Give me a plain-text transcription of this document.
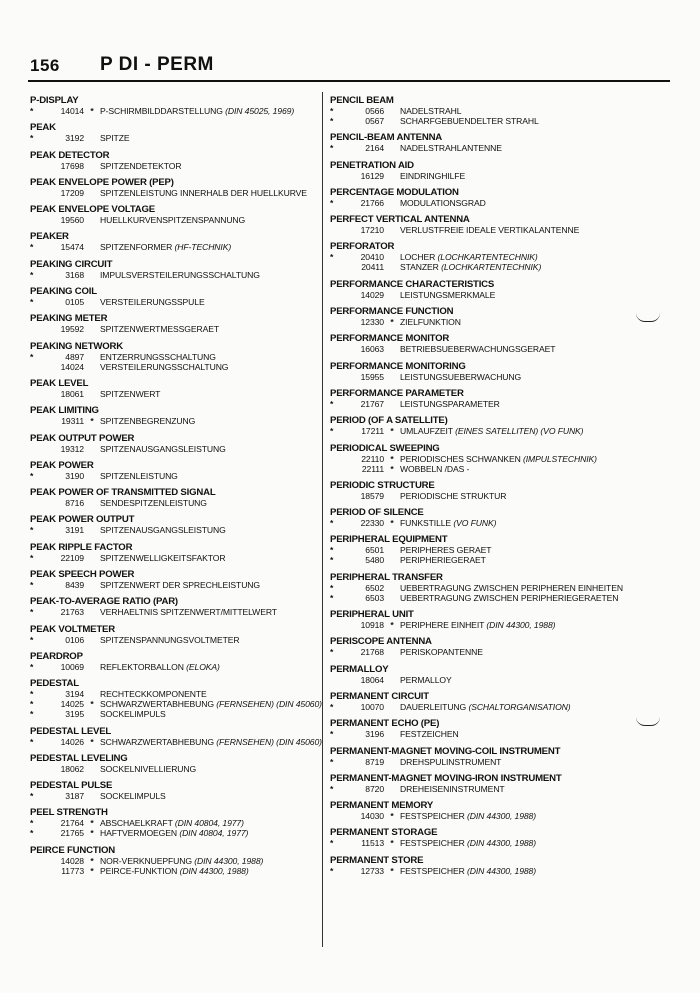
156 P DI - PERM
P-DISPLAY
*	14014 * P-SCHIRMBILDDARSTELLUNG (DIN 45025, 1969)
PEAK
*	3192 SPITZE
PEAK DETECTOR
17698 SPITZENDETEKTOR
PEAK ENVELOPE POWER (PEP)
17209 SPITZENLEISTUNG INNERHALB DER HUELLKURVE
PEAK ENVELOPE VOLTAGE
19560 HUELLKURVENSPITZENSPANNUNG
PEAKER
*	15474 SPITZENFORMER (HF-TECHNIK)
PEAKING CIRCUIT
*	3168 IMPULSVERSTEILERUNGSSCHALTUNG
PEAKING COIL
*	0105 VERSTEILERUNGSSPULE
PEAKING METER
19592 SPITZENWERTMESSGERAET
PEAKING NETWORK
*	4897 ENTZERRUNGSSCHALTUNG
14024 VERSTEILERUNGSSCHALTUNG
PEAK LEVEL
18061 SPITZENWERT
PEAK LIMITING
19311 * SPITZENBEGRENZUNG
PEAK OUTPUT POWER
19312 SPITZENAUSGANGSLEISTUNG
PEAK POWER
*	3190 SPITZENLEISTUNG
PEAK POWER OF TRANSMITTED SIGNAL
8716 SENDESPITZENLEISTUNG
PEAK POWER OUTPUT
*	3191 SPITZENAUSGANGSLEISTUNG
PEAK RIPPLE FACTOR
*	22109 SPITZENWELLIGKEITSFAKTOR
PEAK SPEECH POWER
*	8439 SPITZENWERT DER SPRECHLEISTUNG
PEAK-TO-AVERAGE RATIO (PAR)
*	21763 VERHAELTNIS SPITZENWERT/MITTELWERT
PEAK VOLTMETER
*	0106 SPITZENSPANNUNGSVOLTMETER
PEARDROP
*	10069 REFLEKTORBALLON (ELOKA)
PEDESTAL
*	3194 RECHTECKKOMPONENTE
*	14025 * SCHWARZWERTABHEBUNG (FERNSEHEN) (DIN 45060)
*	3195 SOCKELIMPULS
PEDESTAL LEVEL
*	14026 * SCHWARZWERTABHEBUNG (FERNSEHEN) (DIN 45060)
PEDESTAL LEVELING
18062 SOCKELNIVELLIERUNG
PEDESTAL PULSE
*	3187 SOCKELIMPULS
PEEL STRENGTH
*	21764 * ABSCHAELKRAFT (DIN 40804, 1977)
*	21765 * HAFTVERMOEGEN (DIN 40804, 1977)
PEIRCE FUNCTION
14028 * NOR-VERKNUEPFUNG (DIN 44300, 1988)
11773 * PEIRCE-FUNKTION (DIN 44300, 1988)
PENCIL BEAM
*	0566 NADELSTRAHL
*	0567 SCHARFGEBUENDELTER STRAHL
PENCIL-BEAM ANTENNA
*	2164 NADELSTRAHLANTENNE
PENETRATION AID
16129 EINDRINGHILFE
PERCENTAGE MODULATION
*	21766 MODULATIONSGRAD
PERFECT VERTICAL ANTENNA
17210 VERLUSTFREIE IDEALE VERTIKALANTENNE
PERFORATOR
*	20410 LOCHER (LOCHKARTENTECHNIK)
20411 STANZER (LOCHKARTENTECHNIK)
PERFORMANCE CHARACTERISTICS
14029 LEISTUNGSMERKMALE
PERFORMANCE FUNCTION
12330 * ZIELFUNKTION
PERFORMANCE MONITOR
16063 BETRIEBSUEBERWACHUNGSGERAET
PERFORMANCE MONITORING
15955 LEISTUNGSUEBERWACHUNG
PERFORMANCE PARAMETER
*	21767 LEISTUNGSPARAMETER
PERIOD (OF A SATELLITE)
*	17211 * UMLAUFZEIT (EINES SATELLITEN) (VO FUNK)
PERIODICAL SWEEPING
22110 * PERIODISCHES SCHWANKEN (IMPULSTECHNIK)
22111 * WOBBELN /DAS -
PERIODIC STRUCTURE
18579 PERIODISCHE STRUKTUR
PERIOD OF SILENCE
*	22330 * FUNKSTILLE (VO FUNK)
PERIPHERAL EQUIPMENT
*	6501 PERIPHERES GERAET
*	5480 PERIPHERIEGERAET
PERIPHERAL TRANSFER
*	6502 UEBERTRAGUNG ZWISCHEN PERIPHEREN EINHEITEN
*	6503 UEBERTRAGUNG ZWISCHEN PERIPHERIEGERAETEN
PERIPHERAL UNIT
10918 * PERIPHERE EINHEIT (DIN 44300, 1988)
PERISCOPE ANTENNA
*	21768 PERISKOPANTENNE
PERMALLOY
18064 PERMALLOY
PERMANENT CIRCUIT
*	10070 DAUERLEITUNG (SCHALTORGANISATION)
PERMANENT ECHO (PE)
*	3196 FESTZEICHEN
PERMANENT-MAGNET MOVING-COIL INSTRUMENT
*	8719 DREHSPULINSTRUMENT
PERMANENT-MAGNET MOVING-IRON INSTRUMENT
*	8720 DREHEISENINSTRUMENT
PERMANENT MEMORY
14030 * FESTSPEICHER (DIN 44300, 1988)
PERMANENT STORAGE
*	11513 * FESTSPEICHER (DIN 44300, 1988)
PERMANENT STORE
*	12733 * FESTSPEICHER (DIN 44300, 1988)
